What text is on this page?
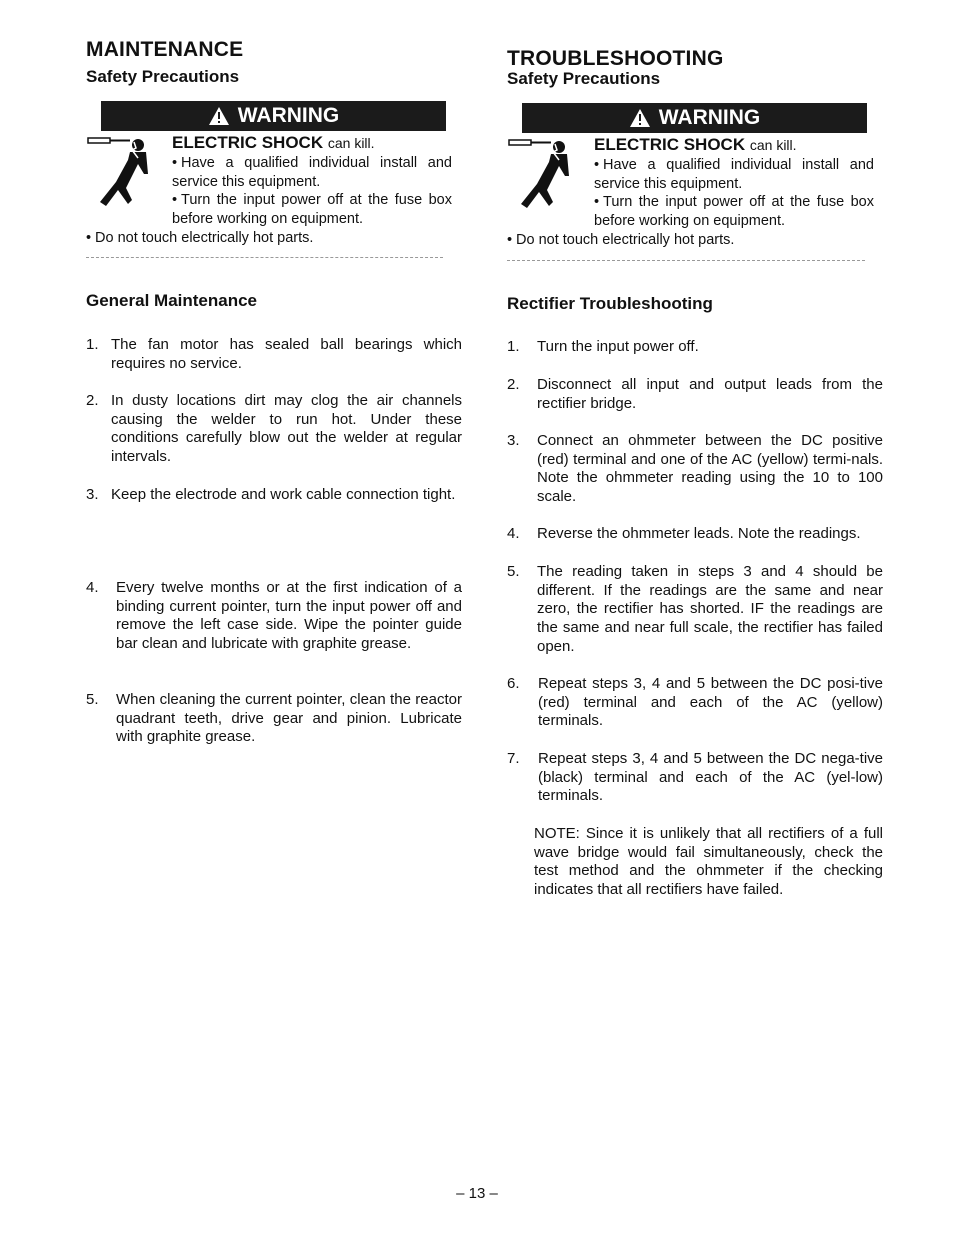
MAINTENANCE
Safety Precautions
WARNING
ELECTRIC SHOCK can kill.
• Have a qualified individual install and service this equipment.
• Turn the input power off at the fuse box before working on equipment.
• Do not touch electrically hot parts.
General Maintenance
1. The fan motor has sealed ball bearings which requires no service.
2. In dusty locations dirt may clog the air channels causing the welder to run hot. Under these conditions carefully blow out the welder at regular intervals.
3. Keep the electrode and work cable connection tight.
4. Every twelve months or at the first indication of a binding current pointer, turn the input power off and remove the left case side. Wipe the pointer guide bar clean and lubricate with graphite grease.
5. When cleaning the current pointer, clean the reactor quadrant teeth, drive gear and pinion. Lubricate with graphite grease.
TROUBLESHOOTING
Safety Precautions
WARNING
ELECTRIC SHOCK can kill.
• Have a qualified individual install and service this equipment.
• Turn the input power off at the fuse box before working on equipment.
• Do not touch electrically hot parts.
Rectifier Troubleshooting
1. Turn the input power off.
2. Disconnect all input and output leads from the rectifier bridge.
3. Connect an ohmmeter between the DC positive (red) terminal and one of the AC (yellow) termi-nals. Note the ohmmeter reading using the 10 to 100 scale.
4. Reverse the ohmmeter leads. Note the readings.
5. The reading taken in steps 3 and 4 should be different. If the readings are the same and near zero, the rectifier has shorted. IF the readings are the same and near full scale, the rectifier has failed open.
6. Repeat steps 3, 4 and 5 between the DC posi-tive (red) terminal and each of the AC (yellow) terminals.
7. Repeat steps 3, 4 and 5 between the DC nega-tive (black) terminal and each of the AC (yel-low) terminals.
NOTE: Since it is unlikely that all rectifiers of a full wave bridge would fail simultaneously, check the test method and the ohmmeter if the checking indicates that all rectifiers have failed.
– 13 –
